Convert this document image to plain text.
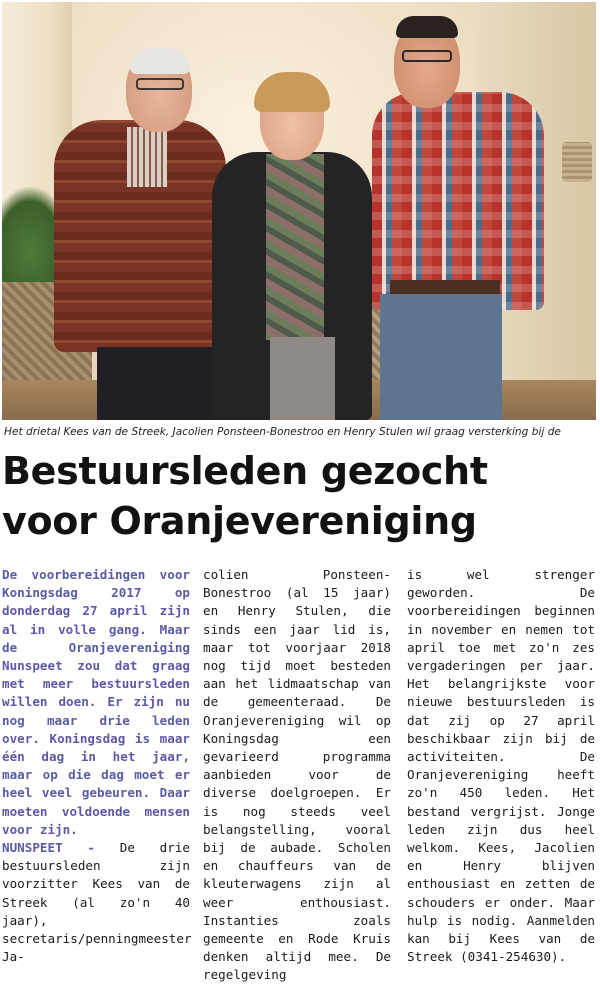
Het drietal Kees van de Streek, Jacolien Ponsteen-Bonestroo en Henry Stulen wil graag versterking bij de
Bestuursleden gezocht
voor Oranjevereniging

De voorbereidingen voor Koningsdag 2017 op donderdag 27 april zijn al in volle gang. Maar de Oranjevereniging Nunspeet zou dat graag met meer bestuursleden willen doen. Er zijn nu nog maar drie leden over. Koningsdag is maar één dag in het jaar, maar op die dag moet er heel veel gebeuren. Daar moeten voldoende mensen voor zijn.

NUNSPEET - De drie bestuursleden zijn voorzitter Kees van de Streek (al zo'n 40 jaar), secretaris/penningmeester Ja-

colien Ponsteen-Bonestroo (al 15 jaar) en Henry Stulen, die sinds een jaar lid is, maar tot voorjaar 2018 nog tijd moet besteden aan het lidmaatschap van de gemeenteraad. De Oranjevereniging wil op Koningsdag een gevarieerd programma aanbieden voor de diverse doelgroepen. Er is nog steeds veel belangstelling, vooral bij de aubade. Scholen en chauffeurs van de kleuterwagens zijn al weer enthousiast. Instanties zoals gemeente en Rode Kruis denken altijd mee. De regelgeving

is wel strenger geworden. De voorbereidingen beginnen in november en nemen tot april toe met zo'n zes vergaderingen per jaar. Het belangrijkste voor nieuwe bestuursleden is dat zij op 27 april beschikbaar zijn bij de activiteiten. De Oranjevereniging heeft zo'n 450 leden. Het bestand vergrijst. Jonge leden zijn dus heel welkom. Kees, Jacolien en Henry blijven enthousiast en zetten de schouders er onder. Maar hulp is nodig. Aanmelden kan bij Kees van de Streek (0341-254630).
